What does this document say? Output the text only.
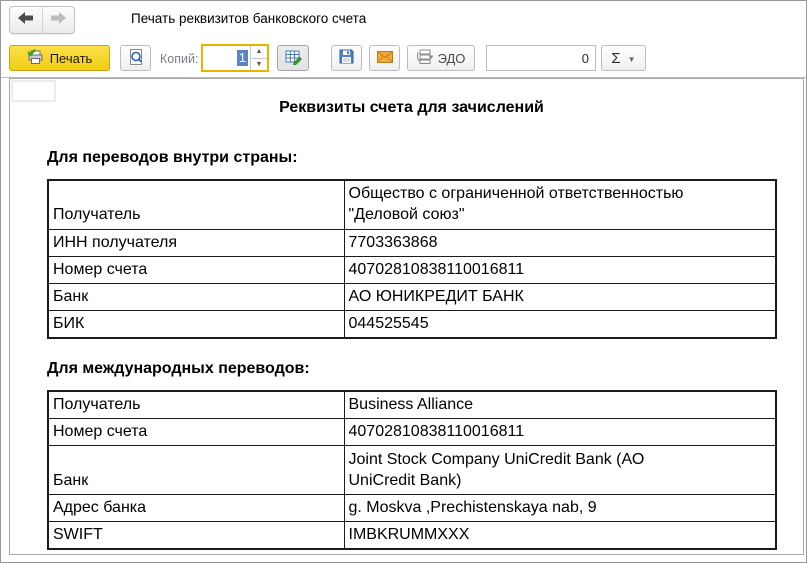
Печать реквизитов банковского счета
Печать	Копий:	1 ▲
▼	ЭДО	0 Σ ▼
Реквизиты счета для зачислений
Для переводов внутри страны:
Получатель	Общество с ограниченной ответственностью
"Деловой союз"
ИНН получателя	7703363868
Номер счета	40702810838110016811
Банк	АО ЮНИКРЕДИТ БАНК
БИК	044525545
Для международных переводов:
Получатель	Business Alliance
Номер счета	40702810838110016811
Банк	Joint Stock Company UniCredit Bank (АО
UniCredit Bank)
Адрес банка	g. Moskva ,Prechistenskaya nab, 9
SWIFT	IMBKRUMMXXX
